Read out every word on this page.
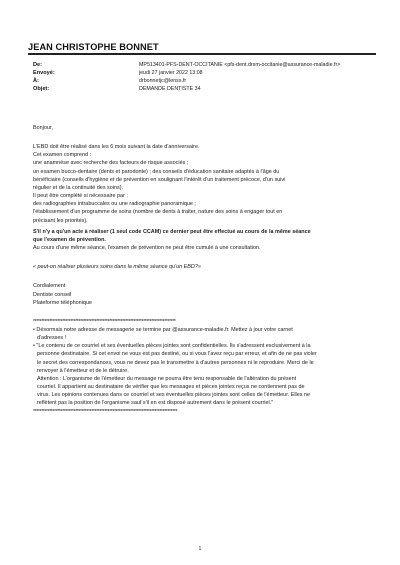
JEAN CHRISTOPHE BONNET
De:	MP513401-PFS-DENT-OCCITANIE <pfs-dent.drsm-occitanie@assurance-maladie.fr>
Envoyé:	jeudi 27 janvier 2022 13:08
À:	drbonnetjc@lenss.fr
Objet:	DEMANDE DENTISTE 34
Bonjour,
L'EBD doit être réalisé dans les 6 mois suivant la date d'anniversaire.
Cet examen comprend :
une anamnèse avec recherche des facteurs de risque associés ;
un examen bucco-dentaire (dents et parodonte) ; des conseils d'éducation sanitaire adaptés à l'âge du
bénéficiaire (conseils d'hygiène et de prévention en soulignant l'intérêt d'un traitement précoce, d'un suivi
régulier et de la continuité des soins).
Il peut être complété si nécessaire par :
des radiographies intrabuccales ou une radiographie panoramique ;
l'établissement d'un programme de soins (nombre de dents à traiter, nature des soins à engager tout en
précisant les priorités).
S'il n'y a qu'un acte à réaliser (1 seul code CCAM) ce dernier peut être effectué au cours de la même séance
que l'examen de prévention.
Au cours d'une même séance, l'examen de prévention ne peut être cumulé à une consultation.
« peut-on réaliser plusieurs soins dans la même séance qu'un EBD?»
Cordialement
Dentiste conseil
Plateforme téléphonique
****************************************************************************************
• Désormais notre adresse de messagerie se termine par @assurance-maladie.fr. Mettez à jour votre carnet
d'adresses !
• "Le contenu de ce courriel et ses éventuelles pièces jointes sont confidentielles. Ils s'adressent exclusivement à la
personne destinataire. Si cet envoi ne vous est pas destiné, ou si vous l'avez reçu par erreur, et afin de ne pas violer
le secret des correspondances, vous ne devez pas le transmettre à d'autres personnes ni le reproduire. Merci de le
renvoyer à l'émetteur et de le détruire.
Attention : L'organisme de l'émetteur du message ne pourra être tenu responsable de l'altération du présent
courriel. Il appartient au destinataire de vérifier que les messages et pièces jointes reçus ne contiennent pas de
virus. Les opinions contenues dans ce courriel et ses éventuelles pièces jointes sont celles de l'émetteur. Elles ne
reflètent pas la position de l'organisme sauf s'il en est disposé autrement dans le présent courriel."
*****************************************************************************************
1
